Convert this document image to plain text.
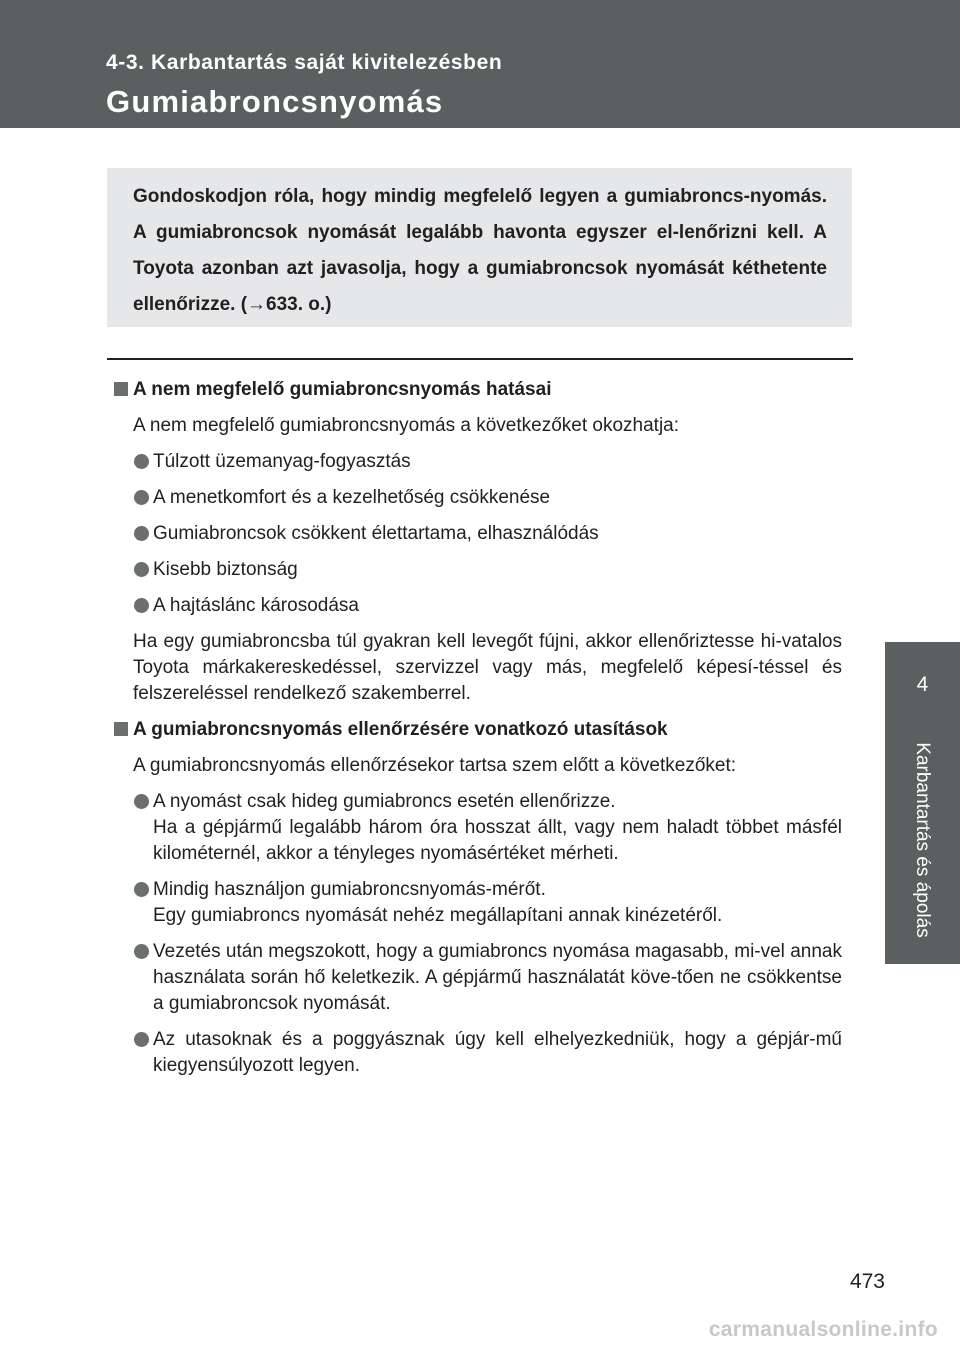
4-3. Karbantartás saját kivitelezésben
Gumiabroncsnyomás

Gondoskodjon róla, hogy mindig megfelelő legyen a gumiabroncs-nyomás. A gumiabroncsok nyomását legalább havonta egyszer el-lenőrizni kell. A Toyota azonban azt javasolja, hogy a gumiabroncsok nyomását kéthetente ellenőrizze. (→633. o.)

A nem megfelelő gumiabroncsnyomás hatásai

A nem megfelelő gumiabroncsnyomás a következőket okozhatja:

Túlzott üzemanyag-fogyasztás
A menetkomfort és a kezelhetőség csökkenése
Gumiabroncsok csökkent élettartama, elhasználódás
Kisebb biztonság
A hajtáslánc károsodása

Ha egy gumiabroncsba túl gyakran kell levegőt fújni, akkor ellenőriztesse hi-vatalos Toyota márkakereskedéssel, szervizzel vagy más, megfelelő képesí-téssel és felszereléssel rendelkező szakemberrel.

A gumiabroncsnyomás ellenőrzésére vonatkozó utasítások

A gumiabroncsnyomás ellenőrzésekor tartsa szem előtt a következőket:

A nyomást csak hideg gumiabroncs esetén ellenőrizze.
Ha a gépjármű legalább három óra hosszat állt, vagy nem haladt többet másfél kilométernél, akkor a tényleges nyomásértéket mérheti.
Mindig használjon gumiabroncsnyomás-mérőt.
Egy gumiabroncs nyomását nehéz megállapítani annak kinézetéről.
Vezetés után megszokott, hogy a gumiabroncs nyomása magasabb, mi-vel annak használata során hő keletkezik. A gépjármű használatát köve-tően ne csökkentse a gumiabroncsok nyomását.
Az utasoknak és a poggyásznak úgy kell elhelyezkedniük, hogy a gépjár-mű kiegyensúlyozott legyen.
4
Karbantartás és ápolás
473
carmanualsonline.info
